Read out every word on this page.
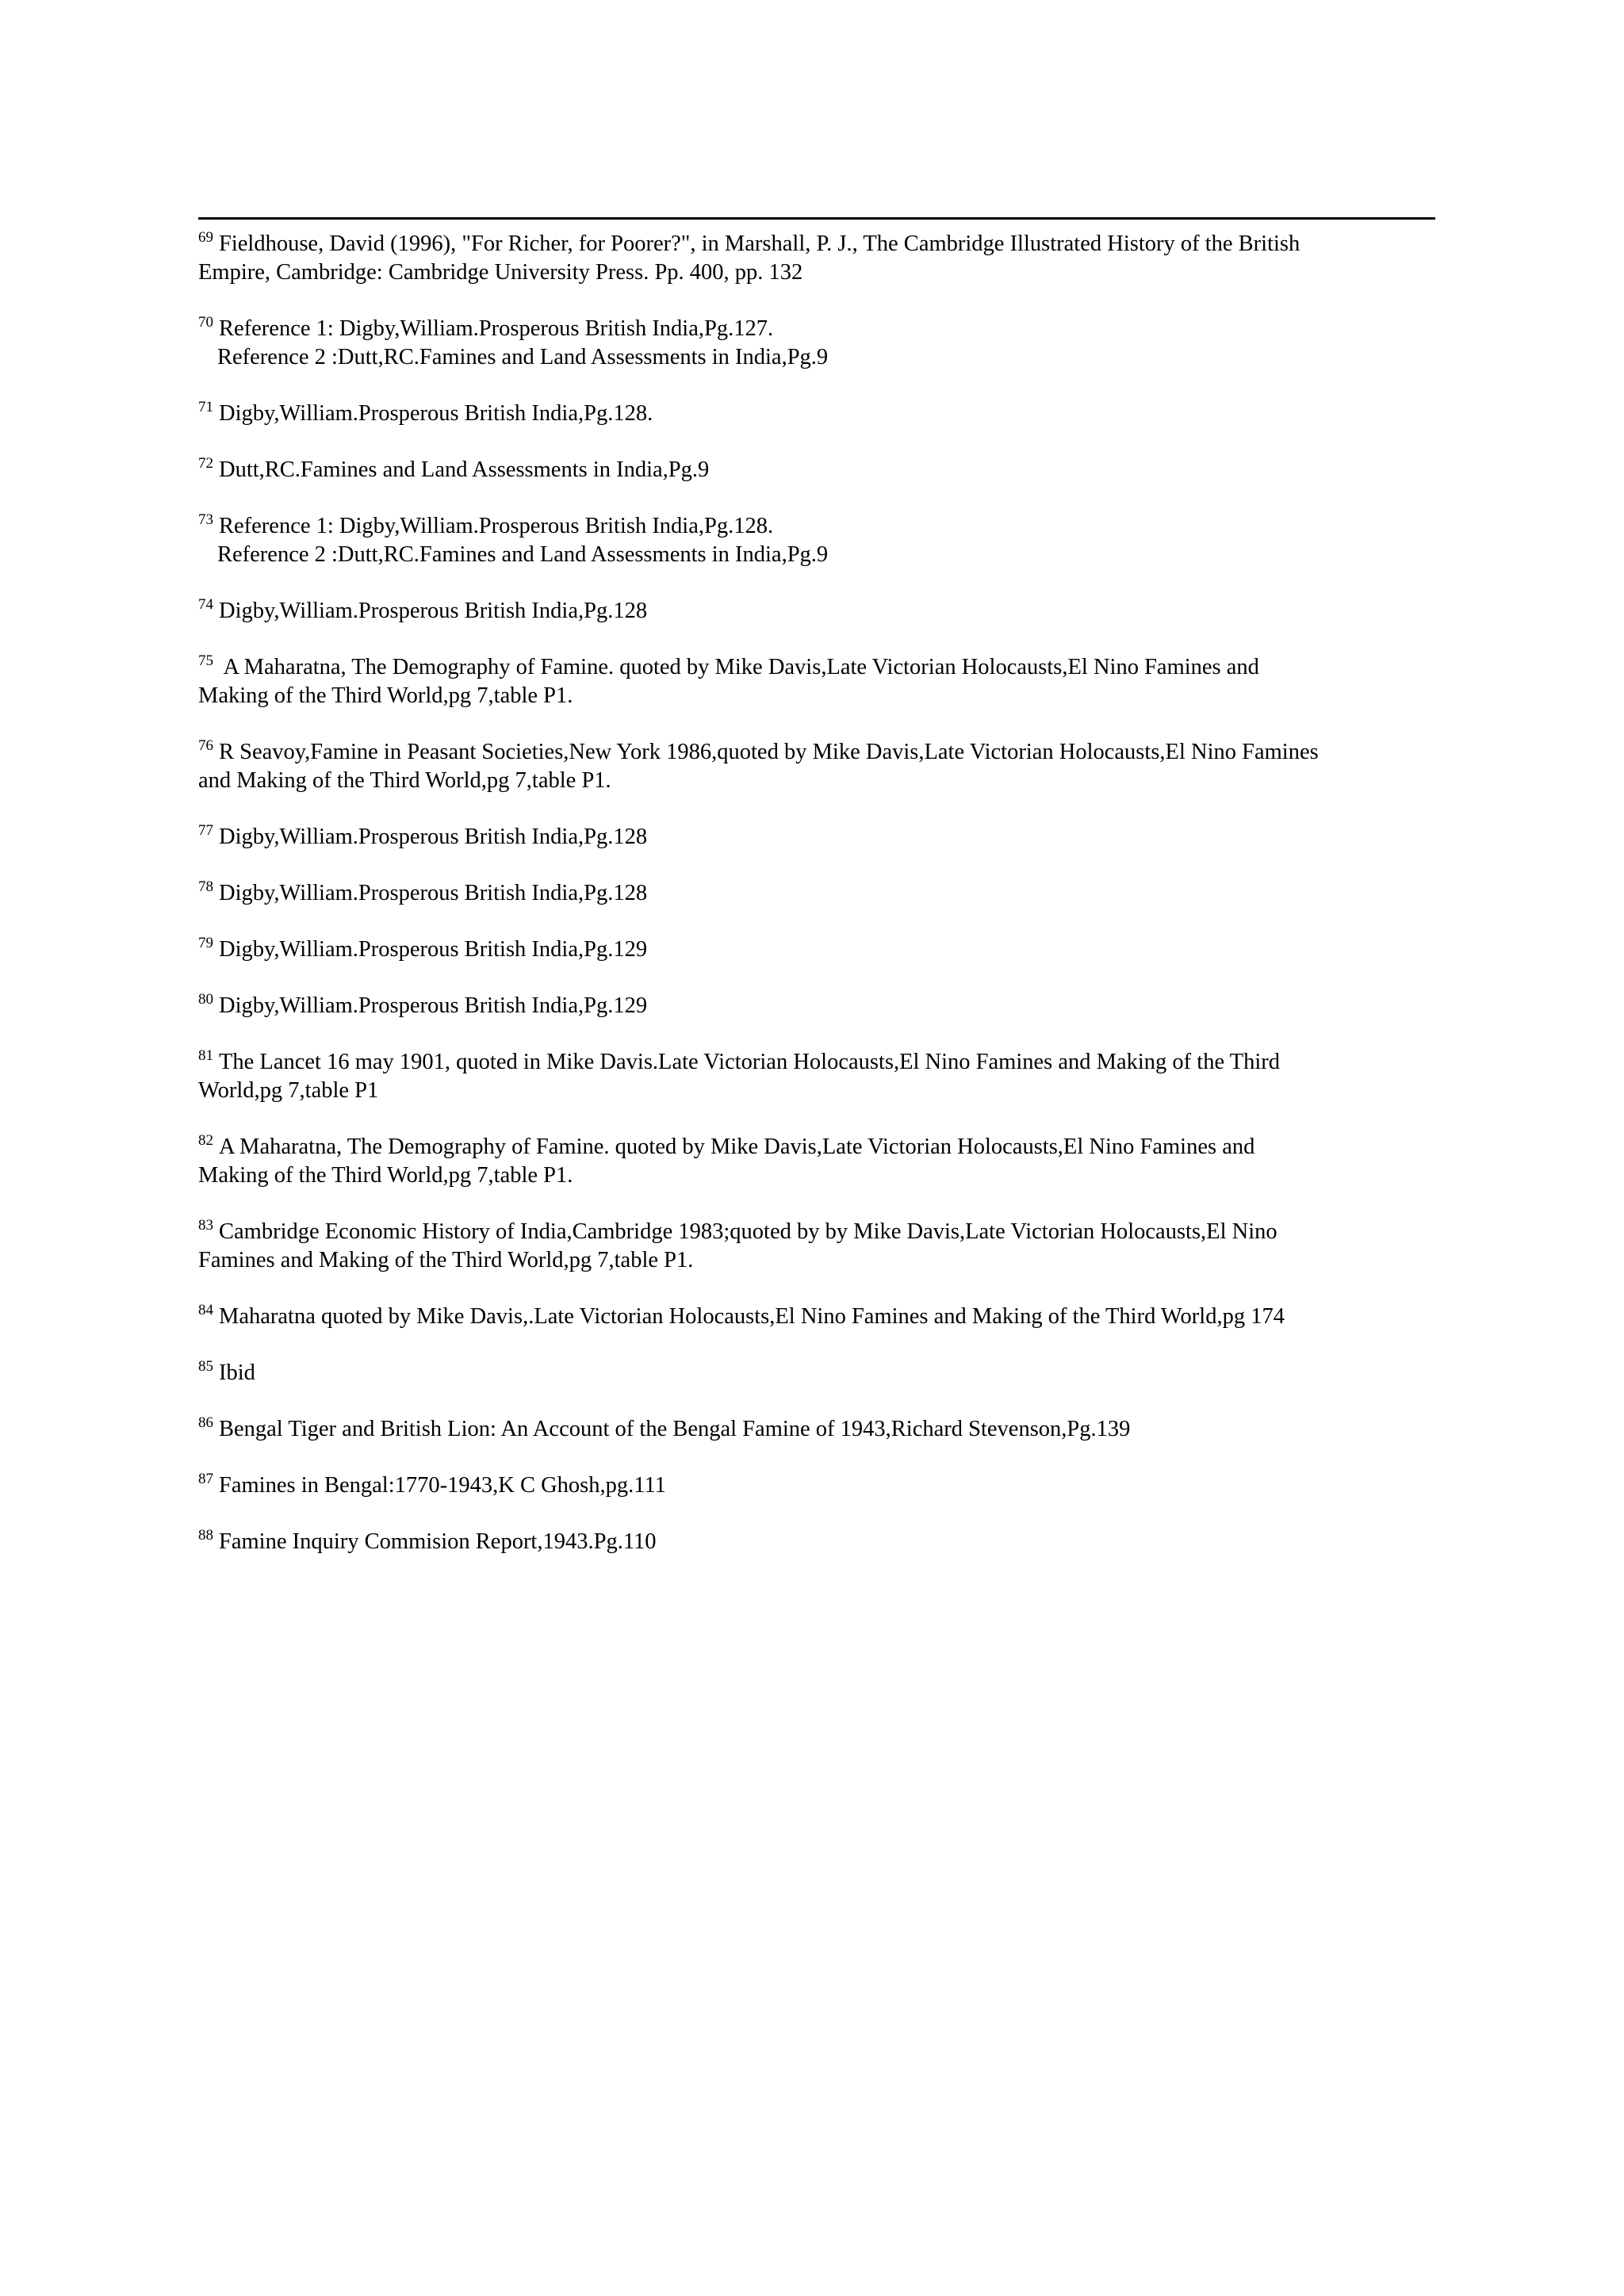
$^{69}$ Fieldhouse, David (1996), "For Richer, for Poorer?", in Marshall, P. J., The Cambridge Illustrated History of the British
Empire, Cambridge: Cambridge University Press. Pp. 400, pp. 132

$^{70}$ Reference 1: Digby,William.Prosperous British India,Pg.127.
Reference 2 :Dutt,RC.Famines and Land Assessments in India,Pg.9

$^{71}$ Digby,William.Prosperous British India,Pg.128.

$^{72}$ Dutt,RC.Famines and Land Assessments in India,Pg.9

$^{73}$ Reference 1: Digby,William.Prosperous British India,Pg.128.
Reference 2 :Dutt,RC.Famines and Land Assessments in India,Pg.9

$^{74}$ Digby,William.Prosperous British India,Pg.128

$^{75}$ A Maharatna, The Demography of Famine. quoted by Mike Davis,Late Victorian Holocausts,El Nino Famines and
Making of the Third World,pg 7,table P1.

$^{76}$ R Seavoy,Famine in Peasant Societies,New York 1986,quoted by Mike Davis,Late Victorian Holocausts,El Nino Famines
and Making of the Third World,pg 7,table P1.

$^{77}$ Digby,William.Prosperous British India,Pg.128

$^{78}$ Digby,William.Prosperous British India,Pg.128

$^{79}$ Digby,William.Prosperous British India,Pg.129

$^{80}$ Digby,William.Prosperous British India,Pg.129

$^{81}$ The Lancet 16 may 1901, quoted in Mike Davis.Late Victorian Holocausts,El Nino Famines and Making of the Third
World,pg 7,table P1

$^{82}$ A Maharatna, The Demography of Famine. quoted by Mike Davis,Late Victorian Holocausts,El Nino Famines and
Making of the Third World,pg 7,table P1.

$^{83}$ Cambridge Economic History of India,Cambridge 1983;quoted by by Mike Davis,Late Victorian Holocausts,El Nino
Famines and Making of the Third World,pg 7,table P1.

$^{84}$ Maharatna quoted by Mike Davis,.Late Victorian Holocausts,El Nino Famines and Making of the Third World,pg 174

$^{85}$ Ibid

$^{86}$ Bengal Tiger and British Lion: An Account of the Bengal Famine of 1943,Richard Stevenson,Pg.139

$^{87}$ Famines in Bengal:1770-1943,K C Ghosh,pg.111

$^{88}$ Famine Inquiry Commision Report,1943.Pg.110
